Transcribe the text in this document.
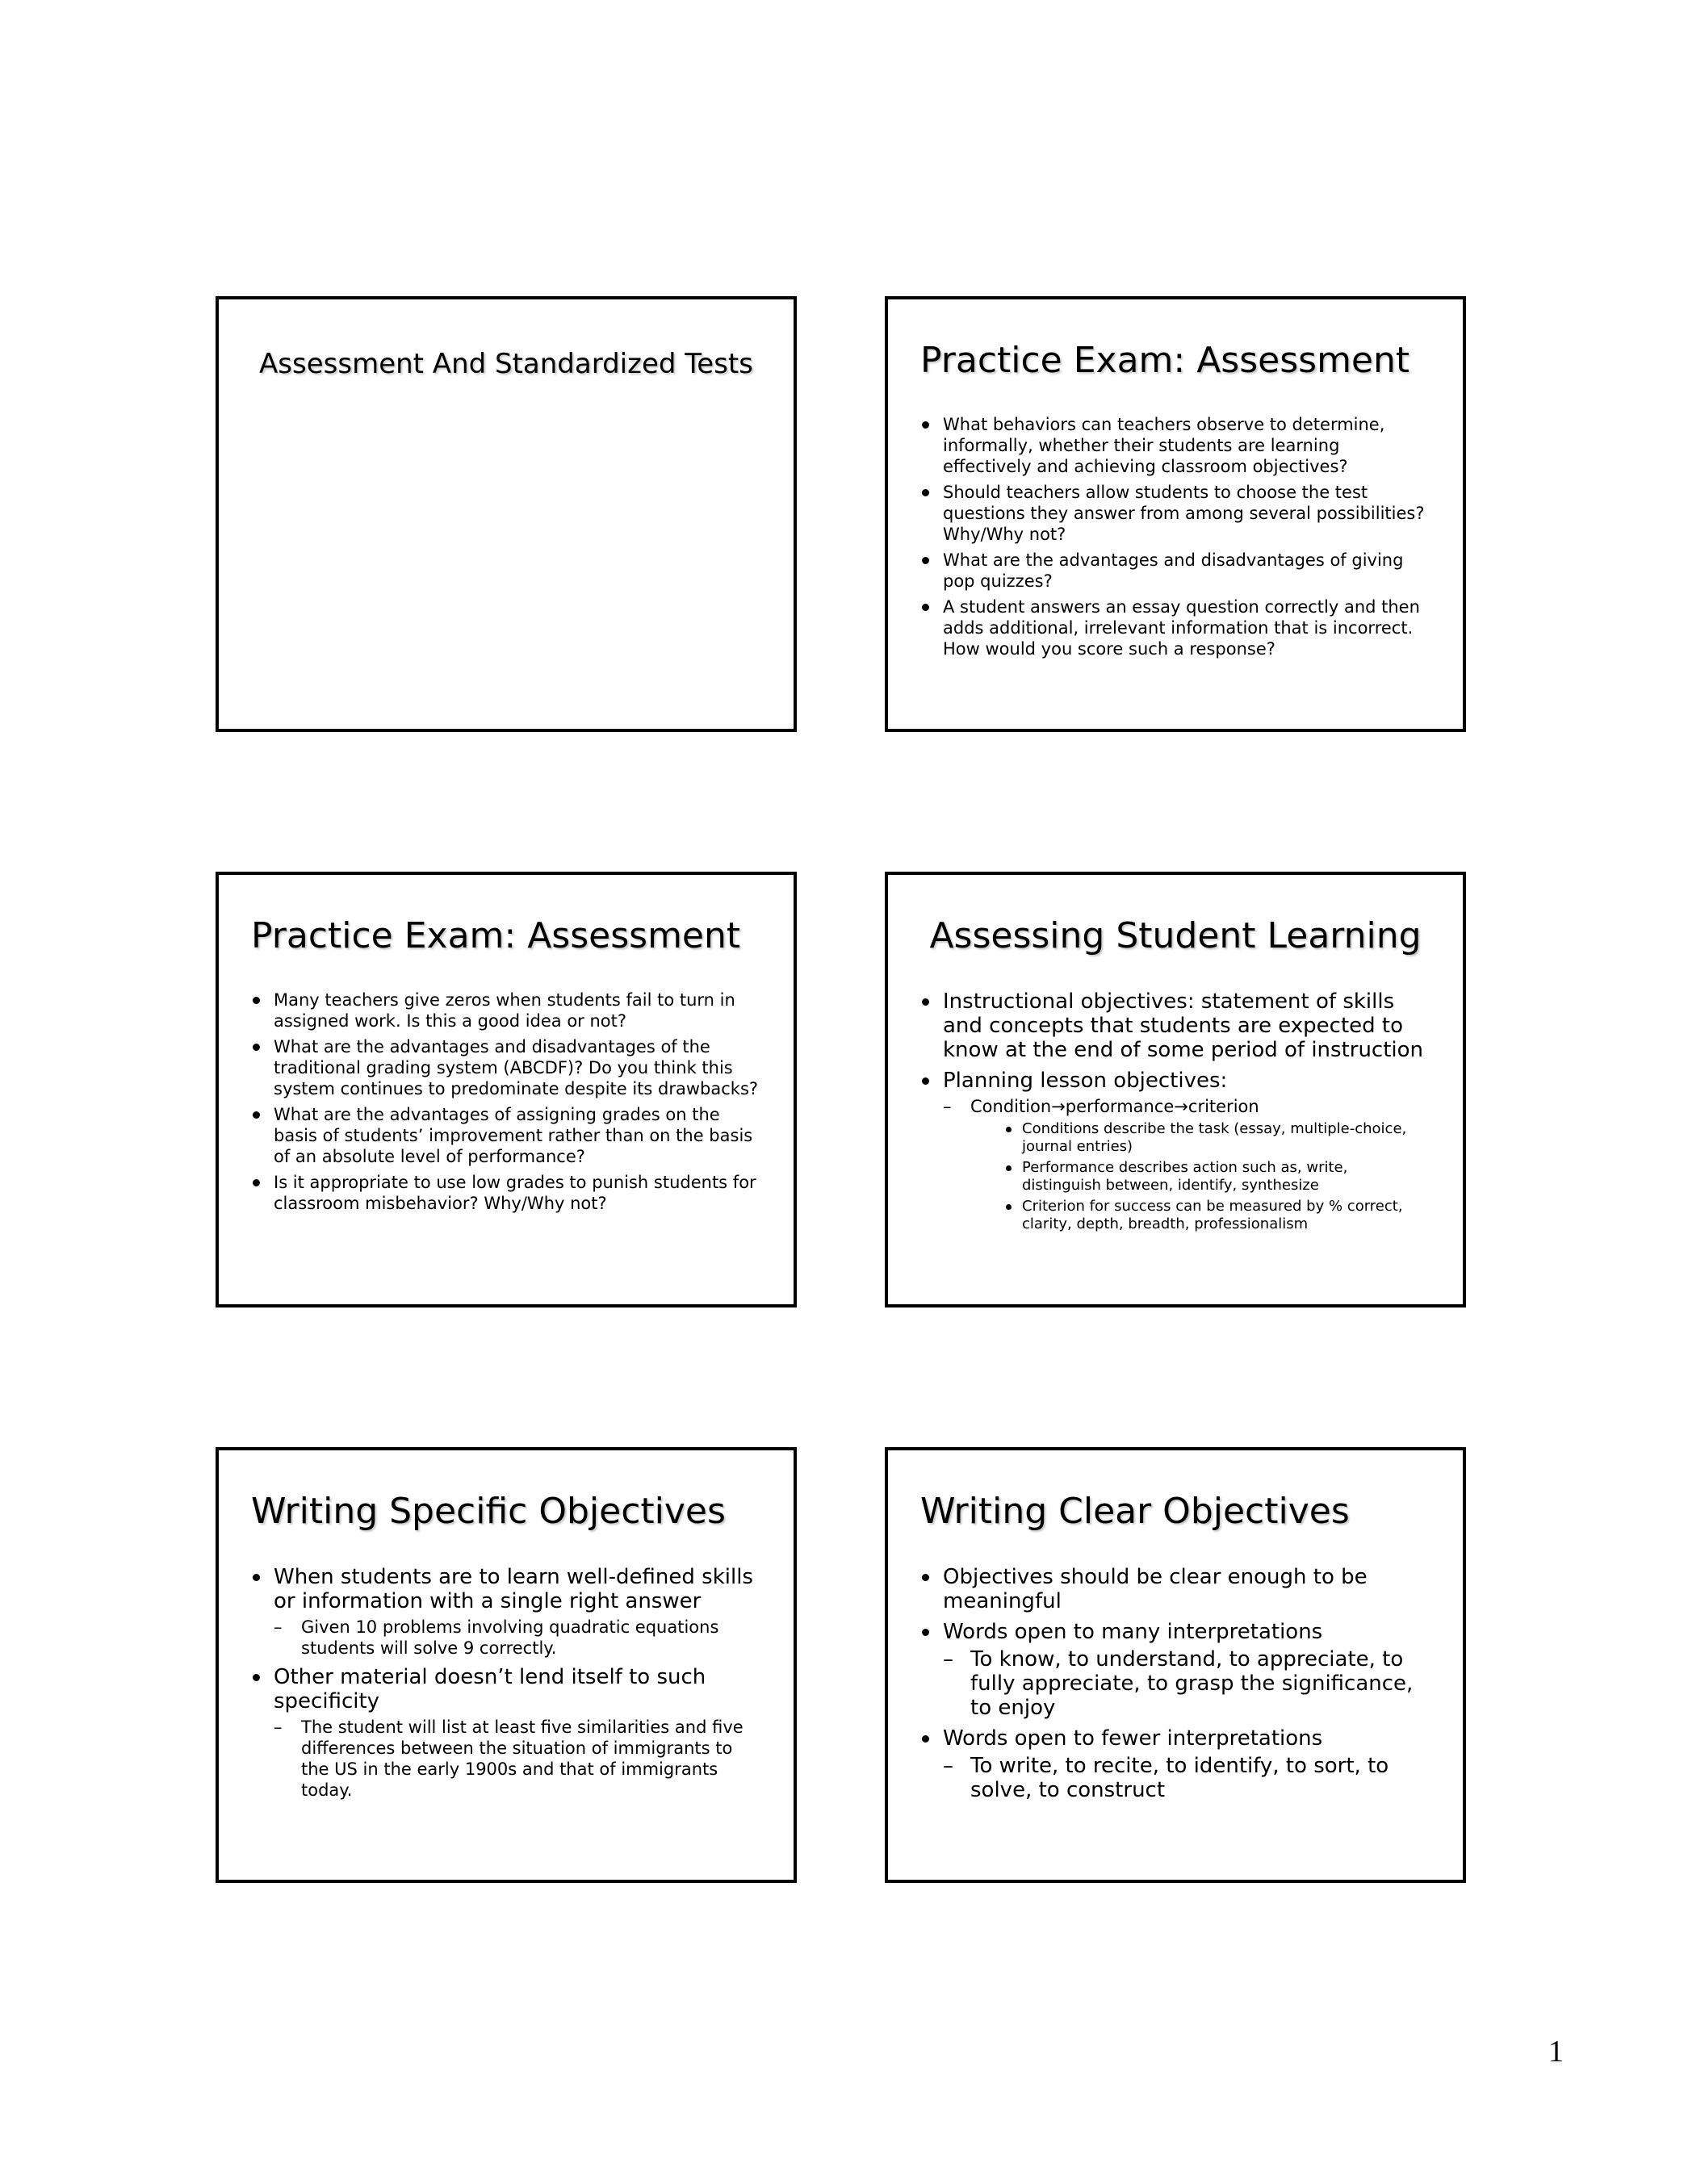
Assessment And Standardized Tests	Practice Exam: Assessment
What behaviors can teachers observe to determine, informally, whether their students are learning effectively and achieving classroom objectives?
Should teachers allow students to choose the test questions they answer from among several possibilities? Why/Why not?
What are the advantages and disadvantages of giving pop quizzes?
A student answers an essay question correctly and then adds additional, irrelevant information that is incorrect. How would you score such a response?
Practice Exam: Assessment
Many teachers give zeros when students fail to turn in assigned work. Is this a good idea or not?
What are the advantages and disadvantages of the traditional grading system (ABCDF)? Do you think this system continues to predominate despite its drawbacks?
What are the advantages of assigning grades on the basis of students’ improvement rather than on the basis of an absolute level of performance?
Is it appropriate to use low grades to punish students for classroom misbehavior? Why/Why not?
Assessing Student Learning
Instructional objectives: statement of skills and concepts that students are expected to know at the end of some period of instruction
Planning lesson objectives:
– Condition→performance→criterion
Conditions describe the task (essay, multiple-choice, journal entries)
Performance describes action such as, write, distinguish between, identify, synthesize
Criterion for success can be measured by % correct, clarity, depth, breadth, professionalism
Writing Specific Objectives
When students are to learn well-defined skills or information with a single right answer
– Given 10 problems involving quadratic equations students will solve 9 correctly.
Other material doesn’t lend itself to such specificity
– The student will list at least five similarities and five differences between the situation of immigrants to the US in the early 1900s and that of immigrants today.
Writing Clear Objectives
Objectives should be clear enough to be meaningful
Words open to many interpretations
– To know, to understand, to appreciate, to fully appreciate, to grasp the significance, to enjoy
Words open to fewer interpretations
– To write, to recite, to identify, to sort, to solve, to construct
1
